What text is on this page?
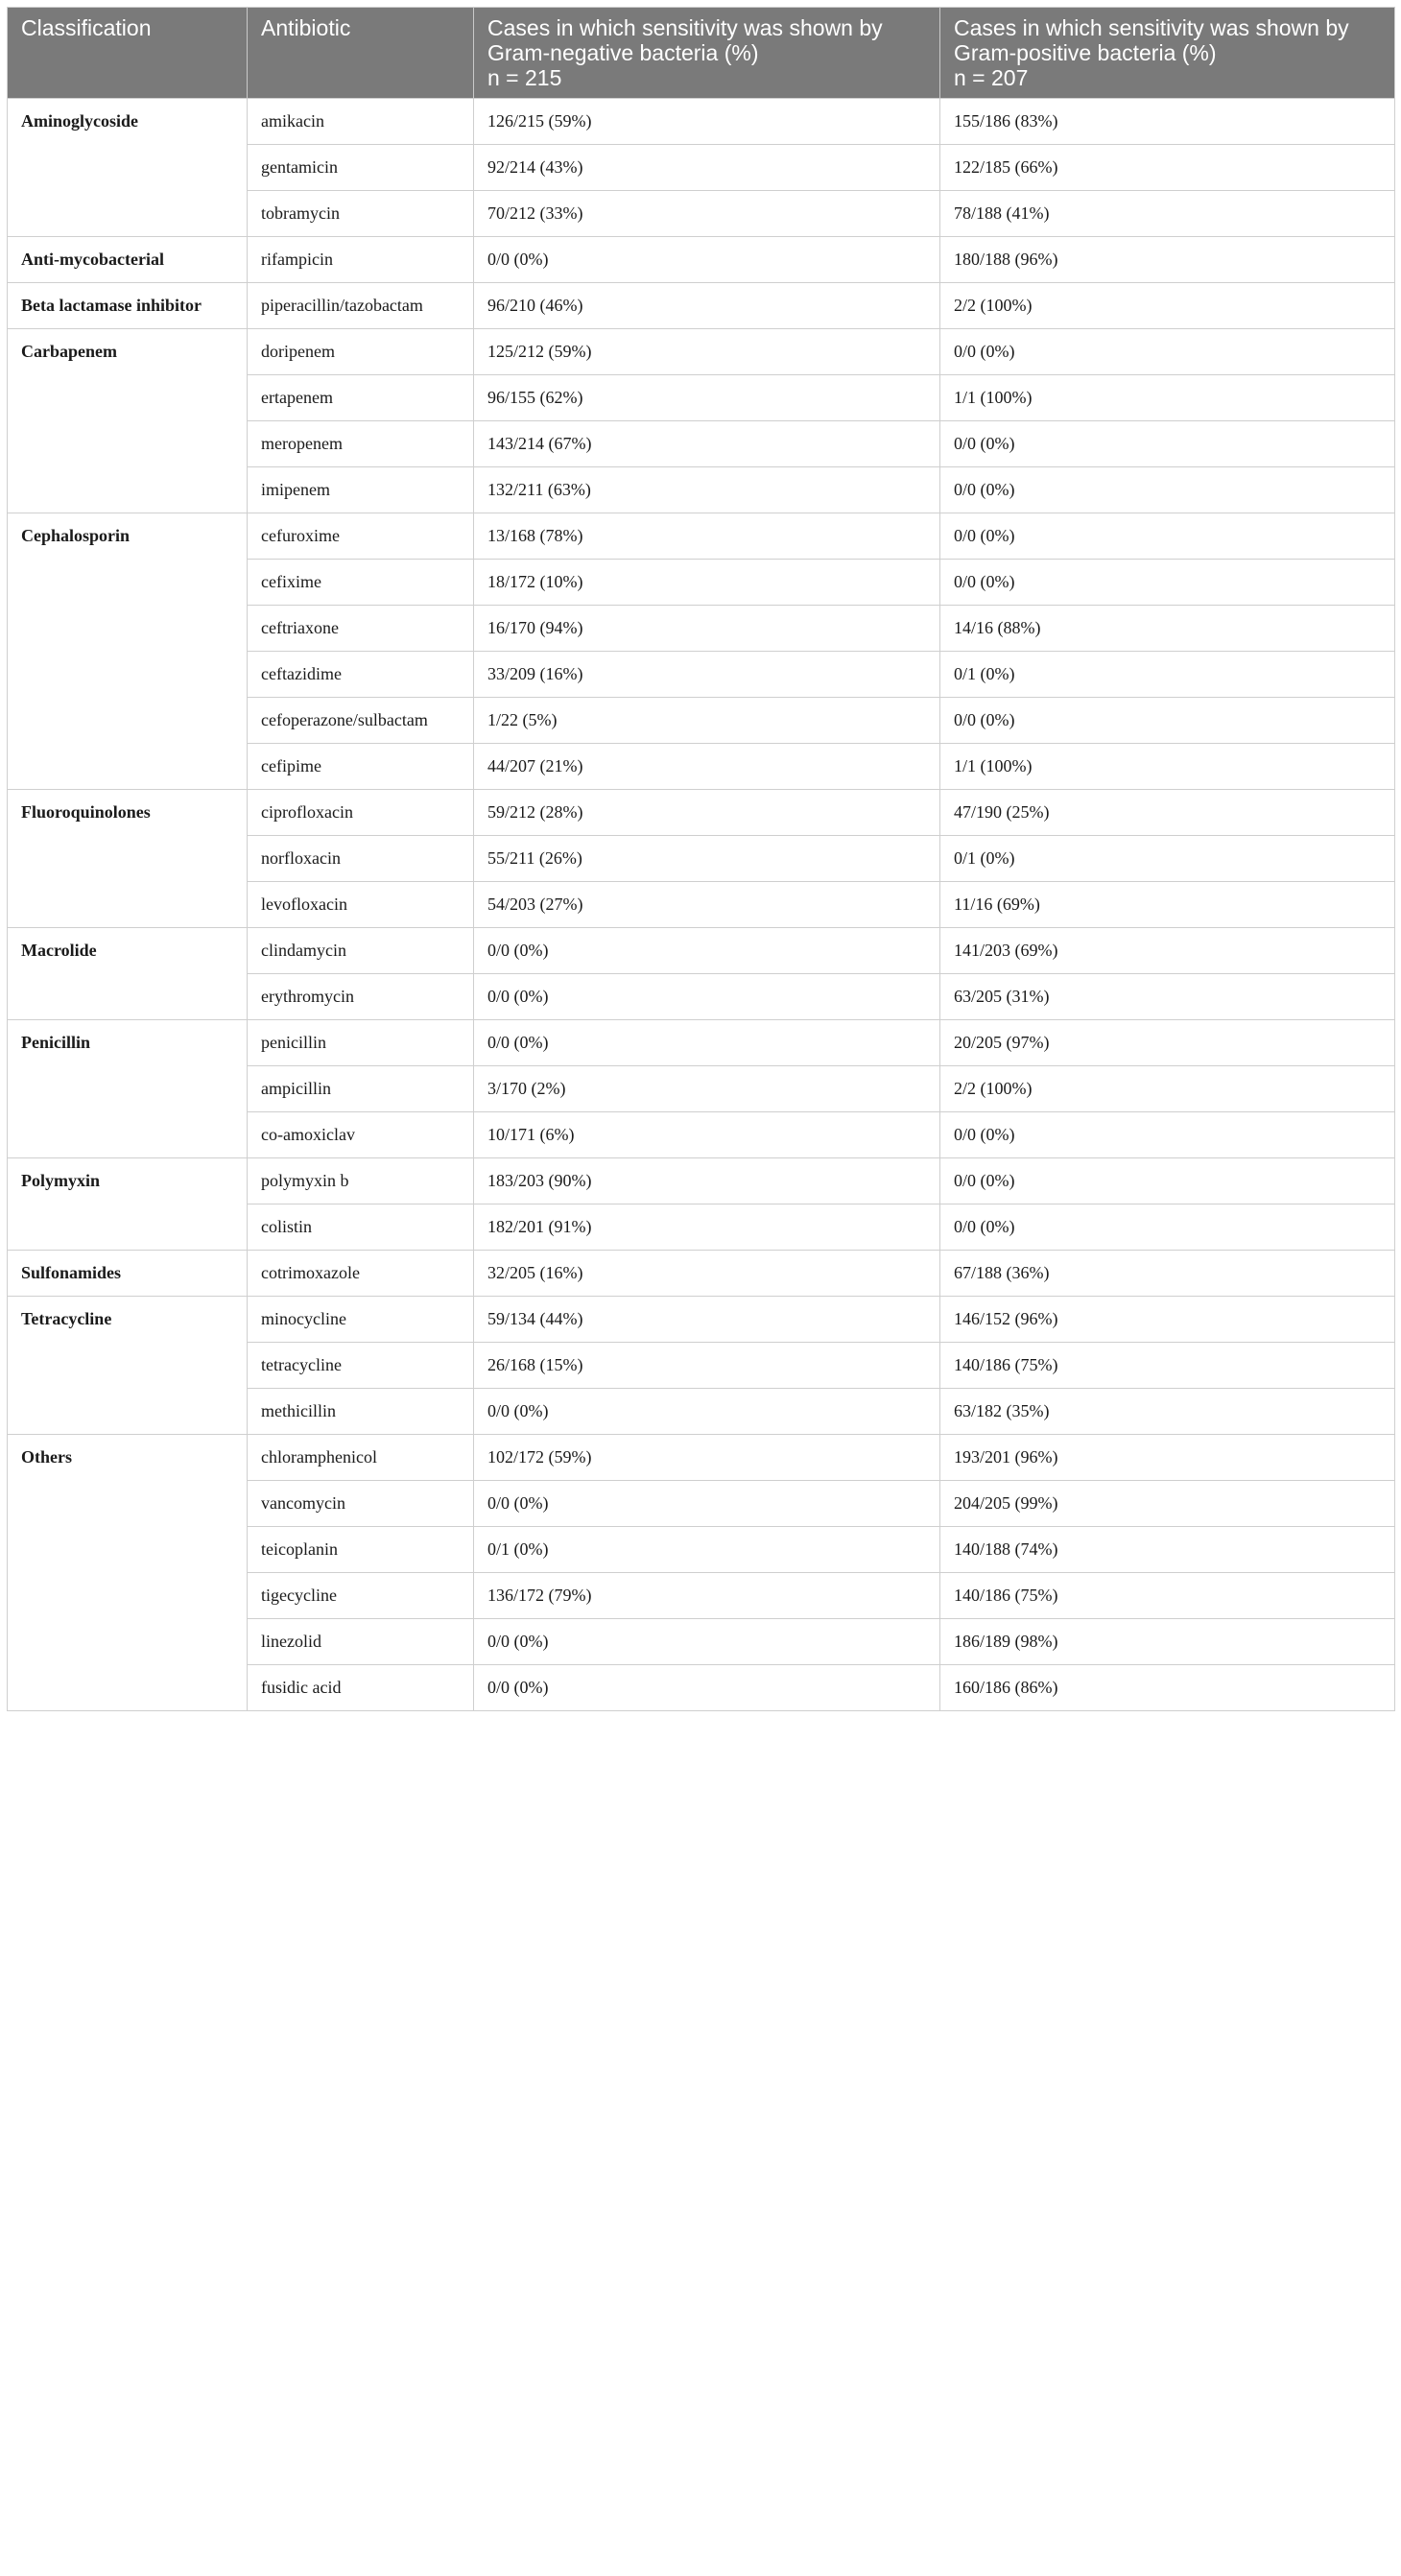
Classification	Antibiotic	Cases in which sensitivity was shown by
Gram-negative bacteria (%)
n = 215	Cases in which sensitivity was shown by
Gram-positive bacteria (%)
n = 207

Aminoglycoside	amikacin	126/215 (59%)	155/186 (83%)
	gentamicin	92/214 (43%)	122/185 (66%)
	tobramycin	70/212 (33%)	78/188 (41%)
Anti-mycobacterial	rifampicin	0/0 (0%)	180/188 (96%)
Beta lactamase inhibitor	piperacillin/tazobactam	96/210 (46%)	2/2 (100%)
Carbapenem	doripenem	125/212 (59%)	0/0 (0%)
	ertapenem	96/155 (62%)	1/1 (100%)
	meropenem	143/214 (67%)	0/0 (0%)
	imipenem	132/211 (63%)	0/0 (0%)
Cephalosporin	cefuroxime	13/168 (78%)	0/0 (0%)
	cefixime	18/172 (10%)	0/0 (0%)
	ceftriaxone	16/170 (94%)	14/16 (88%)
	ceftazidime	33/209 (16%)	0/1 (0%)
	cefoperazone/sulbactam	1/22 (5%)	0/0 (0%)
	cefipime	44/207 (21%)	1/1 (100%)
Fluoroquinolones	ciprofloxacin	59/212 (28%)	47/190 (25%)
	norfloxacin	55/211 (26%)	0/1 (0%)
	levofloxacin	54/203 (27%)	11/16 (69%)
Macrolide	clindamycin	0/0 (0%)	141/203 (69%)
	erythromycin	0/0 (0%)	63/205 (31%)
Penicillin	penicillin	0/0 (0%)	20/205 (97%)
	ampicillin	3/170 (2%)	2/2 (100%)
	co-amoxiclav	10/171 (6%)	0/0 (0%)
Polymyxin	polymyxin b	183/203 (90%)	0/0 (0%)
	colistin	182/201 (91%)	0/0 (0%)
Sulfonamides	cotrimoxazole	32/205 (16%)	67/188 (36%)
Tetracycline	minocycline	59/134 (44%)	146/152 (96%)
	tetracycline	26/168 (15%)	140/186 (75%)
	methicillin	0/0 (0%)	63/182 (35%)
Others	chloramphenicol	102/172 (59%)	193/201 (96%)
	vancomycin	0/0 (0%)	204/205 (99%)
	teicoplanin	0/1 (0%)	140/188 (74%)
	tigecycline	136/172 (79%)	140/186 (75%)
	linezolid	0/0 (0%)	186/189 (98%)
	fusidic acid	0/0 (0%)	160/186 (86%)
